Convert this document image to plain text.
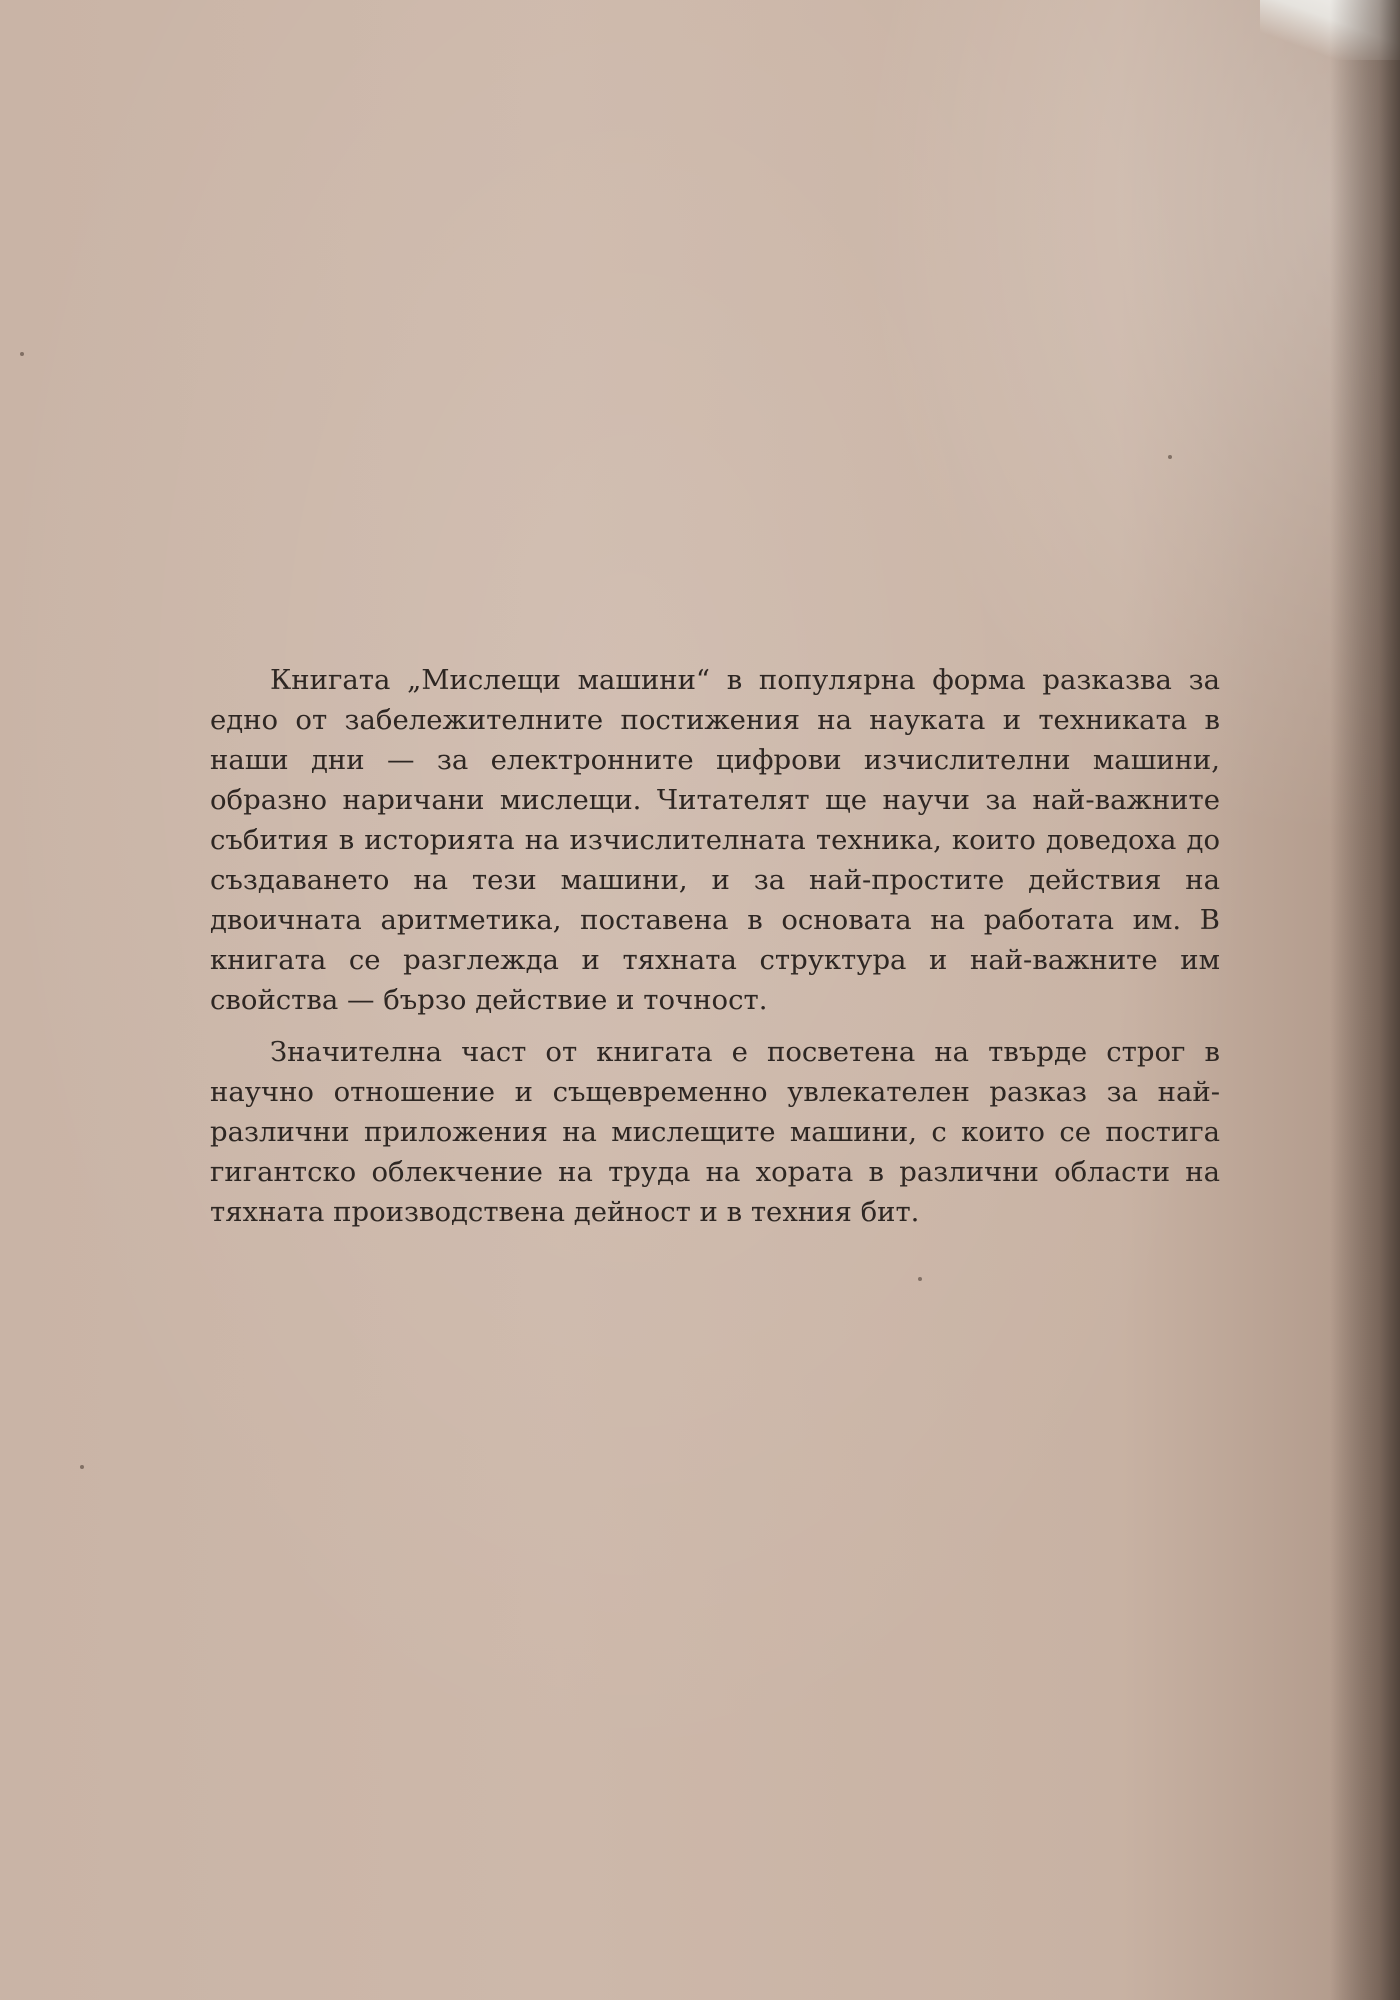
Книгата „Мислещи машини“ в популярна форма разказва за едно от забележителните постижения на науката и техниката в наши дни — за електронните цифрови изчислителни машини, образно наричани мислещи. Читателят ще научи за най-важните събития в историята на изчислителната техника, които доведоха до създаването на тези машини, и за най-простите действия на двоичната аритметика, поставена в основата на работата им. В книгата се разглежда и тяхната структура и най-важните им свойства — бързо действие и точност.

Значителна част от книгата е посветена на твърде строг в научно отношение и същевременно увлекателен разказ за най-различни приложения на мислещите машини, с които се постига гигантско облекчение на труда на хората в различни области на тяхната производствена дейност и в техния бит.
